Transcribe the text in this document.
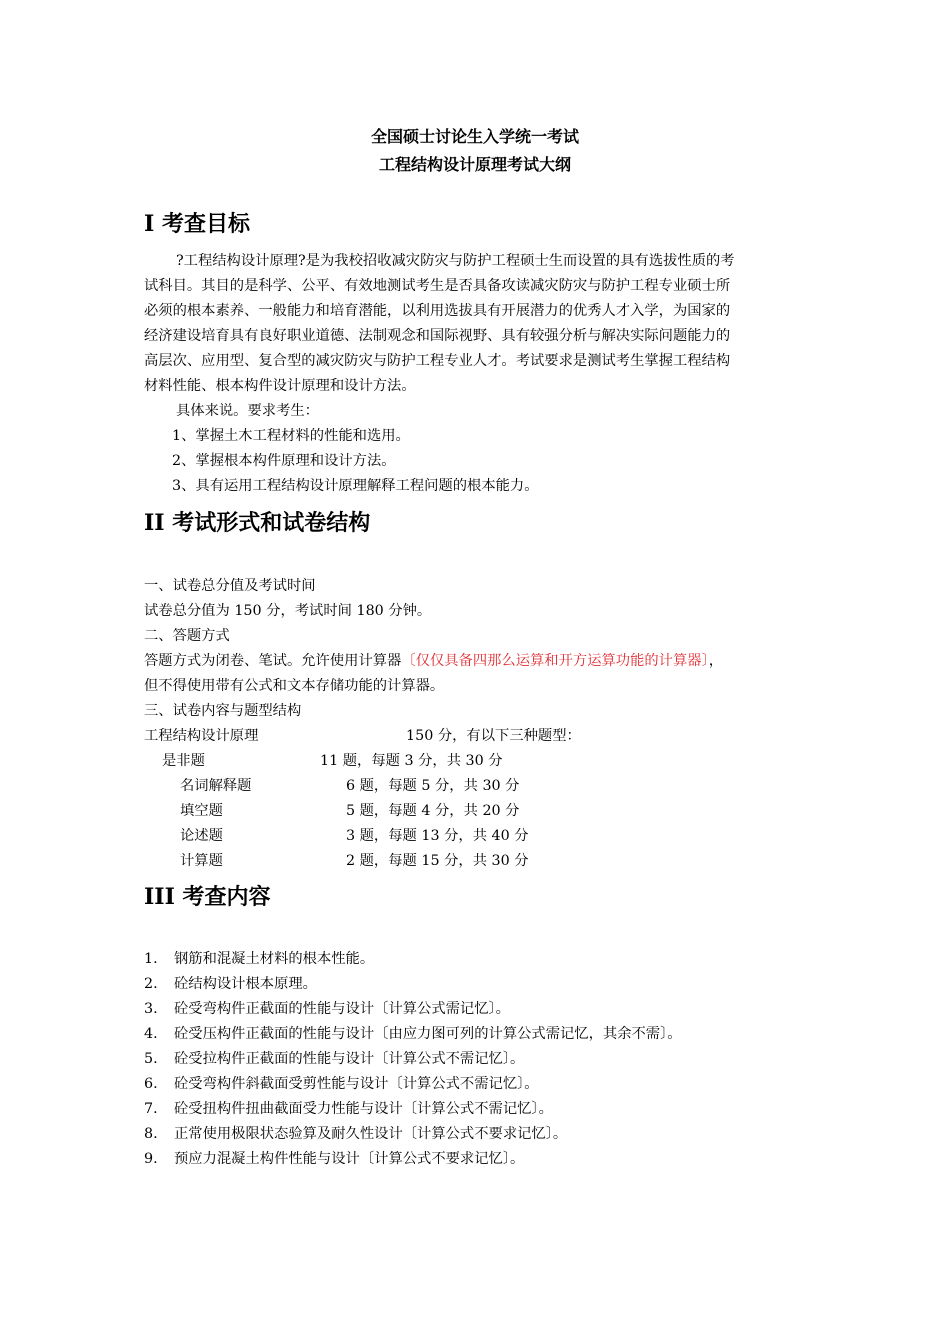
全国硕士讨论生入学统一考试
工程结构设计原理考试大纲
I 考查目标
?工程结构设计原理?是为我校招收减灾防灾与防护工程硕士生而设置的具有选拔性质的考
试科目。其目的是科学、公平、有效地测试考生是否具备攻读减灾防灾与防护工程专业硕士所
必须的根本素养、一般能力和培育潜能，以利用选拔具有开展潜力的优秀人才入学，为国家的
经济建设培育具有良好职业道德、法制观念和国际视野、具有较强分析与解决实际问题能力的
高层次、应用型、复合型的减灾防灾与防护工程专业人才。考试要求是测试考生掌握工程结构
材料性能、根本构件设计原理和设计方法。
具体来说。要求考生：
1、掌握土木工程材料的性能和选用。
2、掌握根本构件原理和设计方法。
3、具有运用工程结构设计原理解释工程问题的根本能力。
II 考试形式和试卷结构
一、试卷总分值及考试时间
试卷总分值为 150 分，考试时间 180 分钟。
二、答题方式
答题方式为闭卷、笔试。允许使用计算器〔仅仅具备四那么运算和开方运算功能的计算器〕，
但不得使用带有公式和文本存储功能的计算器。
三、试卷内容与题型结构
工程结构设计原理	150 分，有以下三种题型：
是非题	11 题，每题 3 分，共 30 分
名词解释题	6 题，每题 5 分，共 30 分
填空题	5 题，每题 4 分，共 20 分
论述题	3 题，每题 13 分，共 40 分
计算题	2 题，每题 15 分，共 30 分
III 考查内容
1. 钢筋和混凝土材料的根本性能。
2. 砼结构设计根本原理。
3. 砼受弯构件正截面的性能与设计〔计算公式需记忆〕。
4. 砼受压构件正截面的性能与设计〔由应力图可列的计算公式需记忆，其余不需〕。
5. 砼受拉构件正截面的性能与设计〔计算公式不需记忆〕。
6. 砼受弯构件斜截面受剪性能与设计〔计算公式不需记忆〕。
7. 砼受扭构件扭曲截面受力性能与设计〔计算公式不需记忆〕。
8. 正常使用极限状态验算及耐久性设计〔计算公式不要求记忆〕。
9. 预应力混凝土构件性能与设计〔计算公式不要求记忆〕。
